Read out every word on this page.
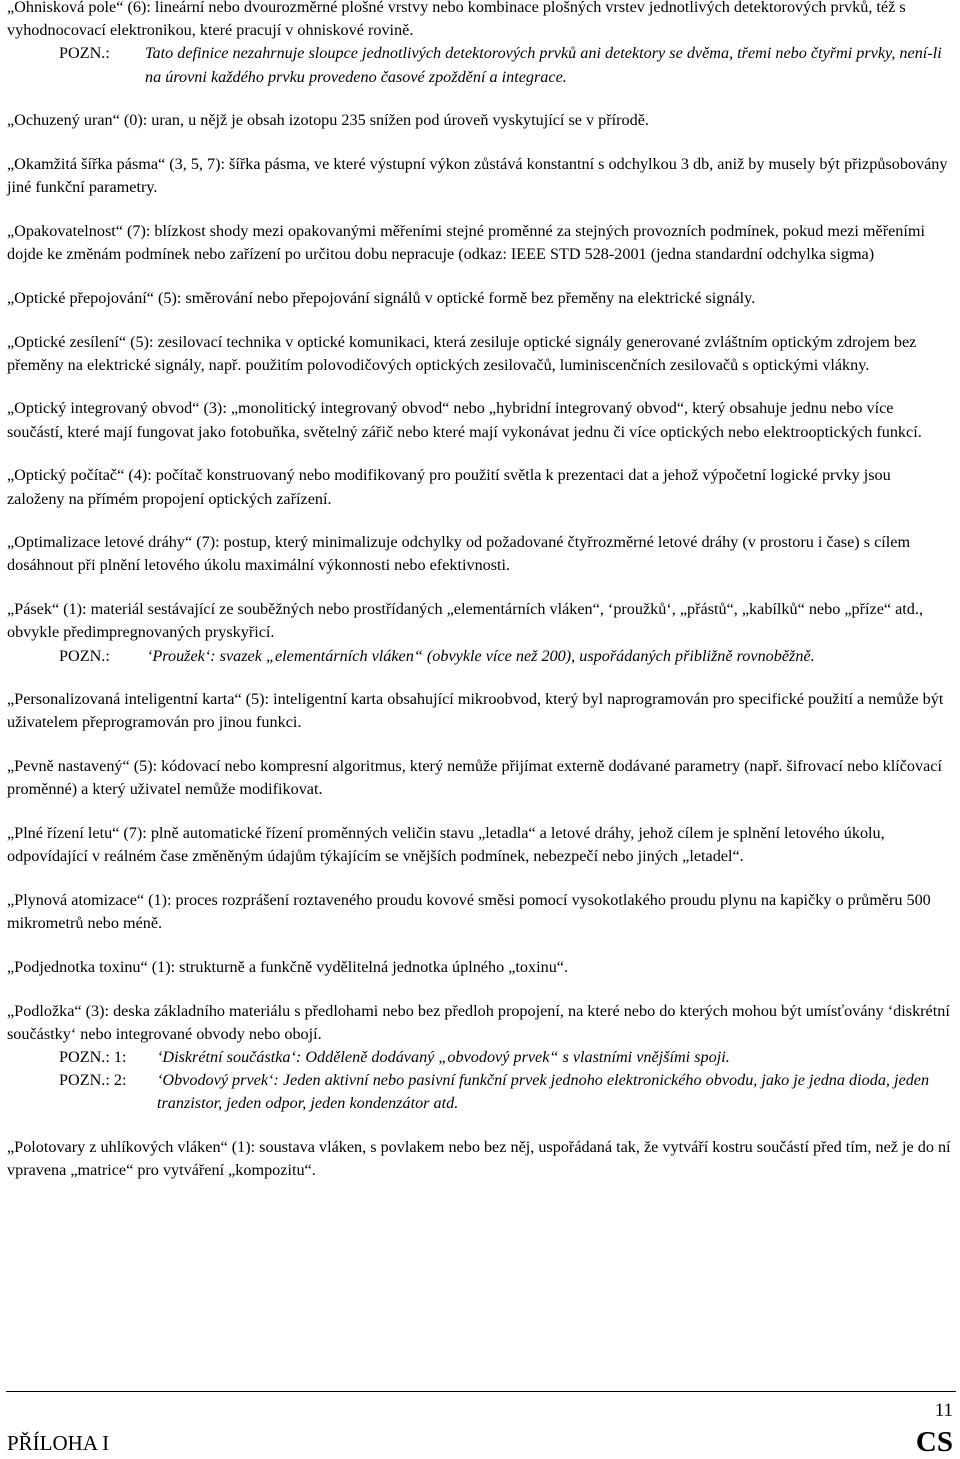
„Ohnisková pole“ (6): lineární nebo dvourozměrné plošné vrstvy nebo kombinace plošných vrstev jednotlivých detektorových prvků, též s vyhodnocovací elektronikou, které pracují v ohniskové rovině.

POZN.:	Tato definice nezahrnuje sloupce jednotlivých detektorových prvků ani detektory se dvěma, třemi nebo čtyřmi prvky, není-li na úrovni každého prvku provedeno časové zpoždění a integrace.

„Ochuzený uran“ (0): uran, u nějž je obsah izotopu 235 snížen pod úroveň vyskytující se v přírodě.

„Okamžitá šířka pásma“ (3, 5, 7): šířka pásma, ve které výstupní výkon zůstává konstantní s odchylkou 3 db, aniž by musely být přizpůsobovány jiné funkční parametry.

„Opakovatelnost“ (7): blízkost shody mezi opakovanými měřeními stejné proměnné za stejných provozních podmínek, pokud mezi měřeními dojde ke změnám podmínek nebo zařízení po určitou dobu nepracuje (odkaz: IEEE STD 528-2001 (jedna standardní odchylka sigma)

„Optické přepojování“ (5): směrování nebo přepojování signálů v optické formě bez přeměny na elektrické signály.

„Optické zesílení“ (5): zesilovací technika v optické komunikaci, která zesiluje optické signály generované zvláštním optickým zdrojem bez přeměny na elektrické signály, např. použitím polovodičových optických zesilovačů, luminiscenčních zesilovačů s optickými vlákny.

„Optický integrovaný obvod“ (3): „monolitický integrovaný obvod“ nebo „hybridní integrovaný obvod“, který obsahuje jednu nebo více součástí, které mají fungovat jako fotobuňka, světelný zářič nebo které mají vykonávat jednu či více optických nebo elektrooptických funkcí.

„Optický počítač“ (4): počítač konstruovaný nebo modifikovaný pro použití světla k prezentaci dat a jehož výpočetní logické prvky jsou založeny na přímém propojení optických zařízení.

„Optimalizace letové dráhy“ (7): postup, který minimalizuje odchylky od požadované čtyřrozměrné letové dráhy (v prostoru i čase) s cílem dosáhnout při plnění letového úkolu maximální výkonnosti nebo efektivnosti.

„Pásek“ (1): materiál sestávající ze souběžných nebo prostřídaných „elementárních vláken“, ‘proužků‘, „přástů“, „kabílků“ nebo „příze“ atd., obvykle předimpregnovaných pryskyřicí.

POZN.:	‘Proužek‘: svazek „elementárních vláken“ (obvykle více než 200), uspořádaných přibližně rovnoběžně.

„Personalizovaná inteligentní karta“ (5): inteligentní karta obsahující mikroobvod, který byl naprogramován pro specifické použití a nemůže být uživatelem přeprogramován pro jinou funkci.

„Pevně nastavený“ (5): kódovací nebo kompresní algoritmus, který nemůže přijímat externě dodávané parametry (např. šifrovací nebo klíčovací proměnné) a který uživatel nemůže modifikovat.

„Plné řízení letu“ (7): plně automatické řízení proměnných veličin stavu „letadla“ a letové dráhy, jehož cílem je splnění letového úkolu, odpovídající v reálném čase změněným údajům týkajícím se vnějších podmínek, nebezpečí nebo jiných „letadel“.

„Plynová atomizace“ (1): proces rozprášení roztaveného proudu kovové směsi pomocí vysokotlakého proudu plynu na kapičky o průměru 500 mikrometrů nebo méně.

„Podjednotka toxinu“ (1): strukturně a funkčně vydělitelná jednotka úplného „toxinu“.

„Podložka“ (3): deska základního materiálu s předlohami nebo bez předloh propojení, na které nebo do kterých mohou být umísťovány ‘diskrétní součástky‘ nebo integrované obvody nebo obojí.

POZN.: 1:	‘Diskrétní součástka‘: Odděleně dodávaný „obvodový prvek“ s vlastními vnějšími spoji.
POZN.: 2:	‘Obvodový prvek‘: Jeden aktivní nebo pasivní funkční prvek jednoho elektronického obvodu, jako je jedna dioda, jeden tranzistor, jeden odpor, jeden kondenzátor atd.

„Polotovary z uhlíkových vláken“ (1): soustava vláken, s povlakem nebo bez něj, uspořádaná tak, že vytváří kostru součástí před tím, než je do ní vpravena „matrice“ pro vytváření „kompozitu“.

PŘÍLOHA I
11
CS
